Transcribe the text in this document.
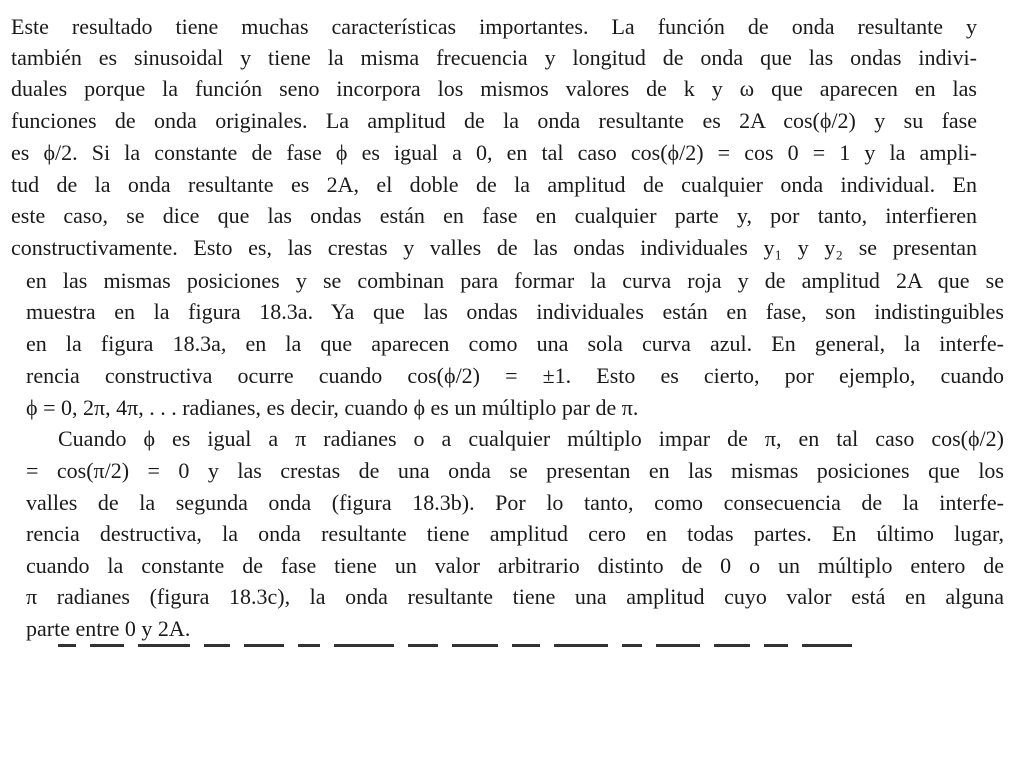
Este resultado tiene muchas características importantes. La función de onda resultante y
también es sinusoidal y tiene la misma frecuencia y longitud de onda que las ondas indivi-
duales porque la función seno incorpora los mismos valores de k y ω que aparecen en las
funciones de onda originales. La amplitud de la onda resultante es 2A cos(ϕ/2) y su fase
es ϕ/2. Si la constante de fase ϕ es igual a 0, en tal caso cos(ϕ/2) = cos 0 = 1 y la ampli-
tud de la onda resultante es 2A, el doble de la amplitud de cualquier onda individual. En
este caso, se dice que las ondas están en fase en cualquier parte y, por tanto, interfieren
constructivamente. Esto es, las crestas y valles de las ondas individuales y₁ y y₂ se presentan
en las mismas posiciones y se combinan para formar la curva roja y de amplitud 2A que se
muestra en la figura 18.3a. Ya que las ondas individuales están en fase, son indistinguibles
en la figura 18.3a, en la que aparecen como una sola curva azul. En general, la interfe-
rencia constructiva ocurre cuando cos(ϕ/2) = ±1. Esto es cierto, por ejemplo, cuando
ϕ = 0, 2π, 4π, . . . radianes, es decir, cuando ϕ es un múltiplo par de π.
Cuando ϕ es igual a π radianes o a cualquier múltiplo impar de π, en tal caso cos(ϕ/2)
= cos(π/2) = 0 y las crestas de una onda se presentan en las mismas posiciones que los
valles de la segunda onda (figura 18.3b). Por lo tanto, como consecuencia de la interfe-
rencia destructiva, la onda resultante tiene amplitud cero en todas partes. En último lugar,
cuando la constante de fase tiene un valor arbitrario distinto de 0 o un múltiplo entero de
π radianes (figura 18.3c), la onda resultante tiene una amplitud cuyo valor está en alguna
parte entre 0 y 2A.
